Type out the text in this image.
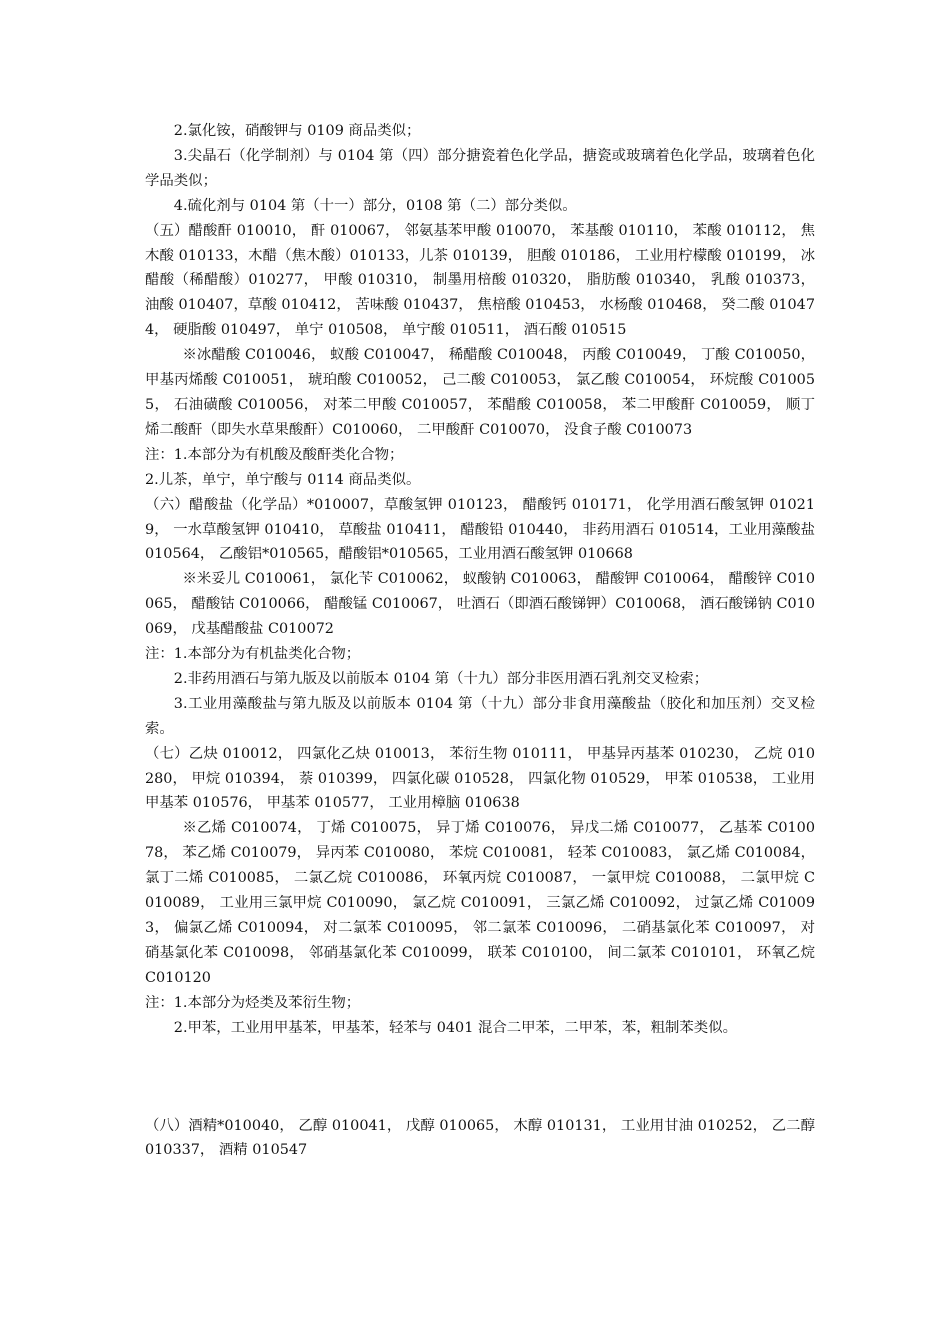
2.氯化铵，硝酸钾与 0109 商品类似；

3.尖晶石（化学制剂）与 0104 第（四）部分搪瓷着色化学品，搪瓷或玻璃着色化学品，玻璃着色化学品类似；

4.硫化剂与 0104 第（十一）部分，0108 第（二）部分类似。

（五）醋酸酐 010010， 酐 010067， 邻氨基苯甲酸 010070， 苯基酸 010110， 苯酸 010112， 焦木酸 010133，木醋（焦木酸）010133，儿茶 010139， 胆酸 010186， 工业用柠檬酸 010199， 冰醋酸（稀醋酸）010277， 甲酸 010310， 制墨用棓酸 010320， 脂肪酸 010340， 乳酸 010373， 油酸 010407，草酸 010412， 苦味酸 010437， 焦棓酸 010453， 水杨酸 010468， 癸二酸 010474， 硬脂酸 010497， 单宁 010508， 单宁酸 010511， 酒石酸 010515

※冰醋酸 C010046， 蚁酸 C010047， 稀醋酸 C010048， 丙酸 C010049， 丁酸 C010050， 甲基丙烯酸 C010051， 琥珀酸 C010052， 己二酸 C010053， 氯乙酸 C010054， 环烷酸 C010055， 石油磺酸 C010056， 对苯二甲酸 C010057， 苯醋酸 C010058， 苯二甲酸酐 C010059， 顺丁烯二酸酐（即失水草果酸酐）C010060， 二甲酸酐 C010070， 没食子酸 C010073

注：1.本部分为有机酸及酸酐类化合物；

2.儿茶，单宁，单宁酸与 0114 商品类似。

（六）醋酸盐（化学品）*010007，草酸氢钾 010123， 醋酸钙 010171， 化学用酒石酸氢钾 010219， 一水草酸氢钾 010410， 草酸盐 010411， 醋酸铅 010440， 非药用酒石 010514，工业用藻酸盐 010564， 乙酸铝*010565，醋酸铝*010565，工业用酒石酸氢钾 010668

※米妥儿 C010061， 氯化苄 C010062， 蚁酸钠 C010063， 醋酸钾 C010064， 醋酸锌 C010065， 醋酸钴 C010066， 醋酸锰 C010067， 吐酒石（即酒石酸锑钾）C010068， 酒石酸锑钠 C010069， 戊基醋酸盐 C010072

注：1.本部分为有机盐类化合物；

2.非药用酒石与第九版及以前版本 0104 第（十九）部分非医用酒石乳剂交叉检索；

3.工业用藻酸盐与第九版及以前版本 0104 第（十九）部分非食用藻酸盐（胶化和加压剂）交叉检索。

（七）乙炔 010012， 四氯化乙炔 010013， 苯衍生物 010111， 甲基异丙基苯 010230， 乙烷 010280， 甲烷 010394， 萘 010399， 四氯化碳 010528， 四氯化物 010529， 甲苯 010538， 工业用甲基苯 010576， 甲基苯 010577， 工业用樟脑 010638

※乙烯 C010074， 丁烯 C010075， 异丁烯 C010076， 异戊二烯 C010077， 乙基苯 C010078， 苯乙烯 C010079， 异丙苯 C010080， 苯烷 C010081， 轻苯 C010083， 氯乙烯 C010084， 氯丁二烯 C010085， 二氯乙烷 C010086， 环氧丙烷 C010087， 一氯甲烷 C010088， 二氯甲烷 C010089， 工业用三氯甲烷 C010090， 氯乙烷 C010091， 三氯乙烯 C010092， 过氯乙烯 C010093， 偏氯乙烯 C010094， 对二氯苯 C010095， 邻二氯苯 C010096， 二硝基氯化苯 C010097， 对硝基氯化苯 C010098， 邻硝基氯化苯 C010099， 联苯 C010100， 间二氯苯 C010101， 环氧乙烷 C010120

注：1.本部分为烃类及苯衍生物；

2.甲苯，工业用甲基苯，甲基苯，轻苯与 0401 混合二甲苯，二甲苯，苯，粗制苯类似。

（八）酒精*010040， 乙醇 010041， 戊醇 010065， 木醇 010131， 工业用甘油 010252， 乙二醇 010337， 酒精 010547
